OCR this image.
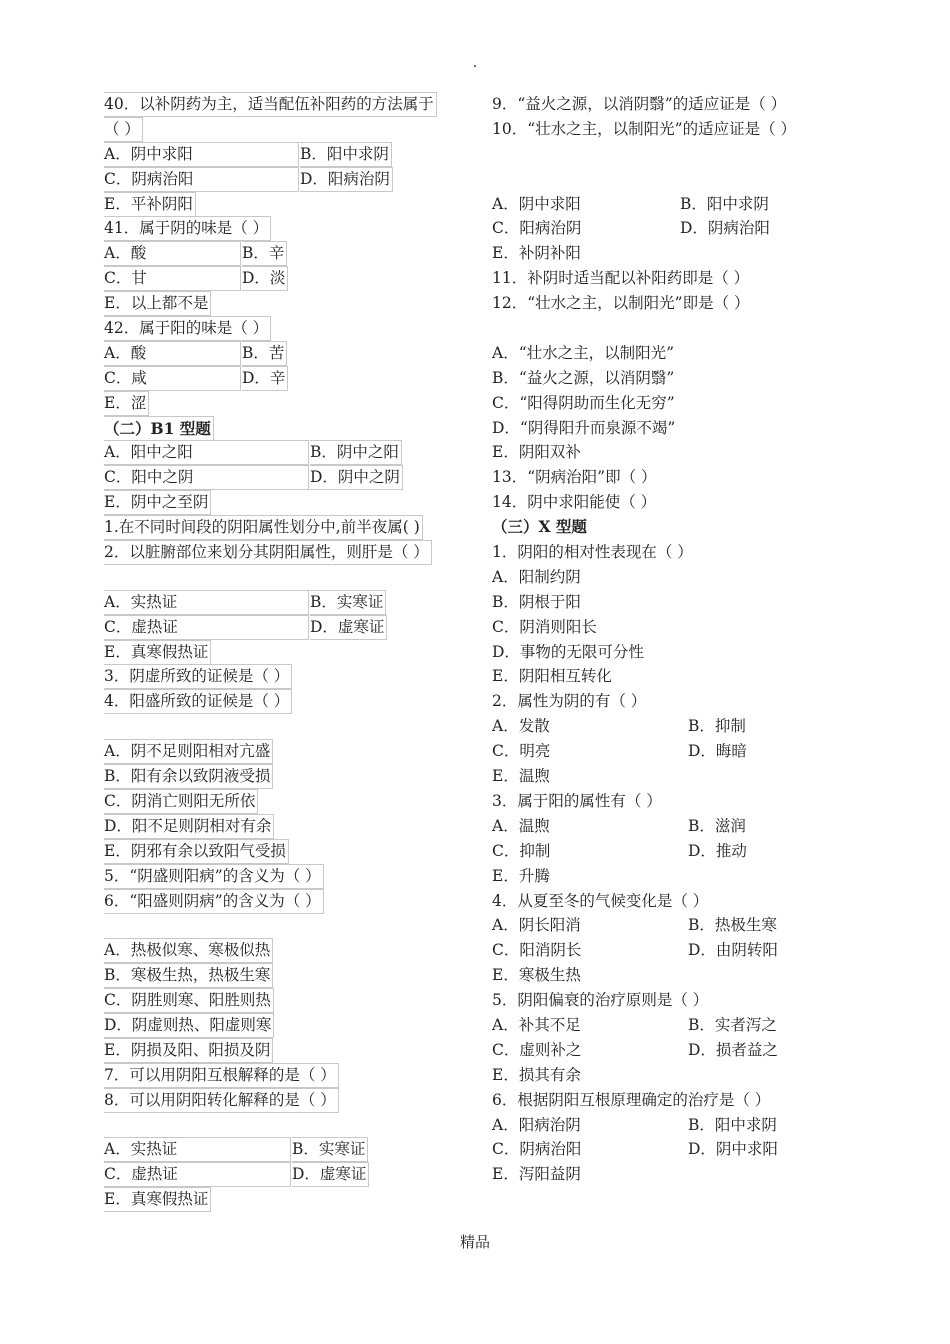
.
40．以补阴药为主，适当配伍补阳药的方法属于
（ ）
A．阴中求阳	B．阳中求阴
C．阴病治阳	D．阳病治阴
E．平补阴阳
41．属于阴的味是（ ）
A．酸	B．辛
C．甘	D．淡
E．以上都不是
42．属于阳的味是（ ）
A．酸	B．苦
C．咸	D．辛
E．涩
（二）B1 型题
A．阳中之阳	B．阴中之阳
C．阳中之阴	D．阴中之阴
E．阴中之至阴
1.在不同时间段的阴阳属性划分中,前半夜属( )
2．以脏腑部位来划分其阴阳属性，则肝是（ ）
A．实热证	B．实寒证
C．虚热证	D．虚寒证
E．真寒假热证
3．阴虚所致的证候是（ ）
4．阳盛所致的证候是（ ）
A．阴不足则阳相对亢盛
B．阳有余以致阴液受损
C．阴消亡则阳无所依
D．阳不足则阴相对有余
E．阴邪有余以致阳气受损
5．“阴盛则阳病”的含义为（ ）
6．“阳盛则阴病”的含义为（ ）
A．热极似寒、寒极似热
B．寒极生热，热极生寒
C．阴胜则寒、阳胜则热
D．阴虚则热、阳虚则寒
E．阴损及阳、阳损及阴
7．可以用阴阳互根解释的是（ ）
8．可以用阴阳转化解释的是（ ）
A．实热证	B．实寒证
C．虚热证	D．虚寒证
E．真寒假热证
9．“益火之源，以消阴翳”的适应证是（ ）
10．“壮水之主，以制阳光”的适应证是（ ）
A．阴中求阳	B．阳中求阴
C．阳病治阴	D．阴病治阳
E．补阴补阳
11．补阴时适当配以补阳药即是（ ）
12．“壮水之主，以制阳光”即是（ ）
A．“壮水之主，以制阳光”
B．“益火之源，以消阴翳”
C．“阳得阴助而生化无穷”
D．“阴得阳升而泉源不竭”
E．阴阳双补
13．“阴病治阳”即（ ）
14．阴中求阳能使（ ）
（三）X 型题
1．阴阳的相对性表现在（ ）
A．阳制约阴
B．阴根于阳
C．阴消则阳长
D．事物的无限可分性
E．阴阳相互转化
2．属性为阴的有（ ）
A．发散	B．抑制
C．明亮	D．晦暗
E．温煦
3．属于阳的属性有（ ）
A．温煦	B．滋润
C．抑制	D．推动
E．升腾
4．从夏至冬的气候变化是（ ）
A．阴长阳消	B．热极生寒
C．阳消阴长	D．由阴转阳
E．寒极生热
5．阴阳偏衰的治疗原则是（ ）
A．补其不足	B．实者泻之
C．虚则补之	D．损者益之
E．损其有余
6．根据阴阳互根原理确定的治疗是（ ）
A．阳病治阴	B．阳中求阴
C．阴病治阳	D．阴中求阳
E．泻阳益阴
精品
